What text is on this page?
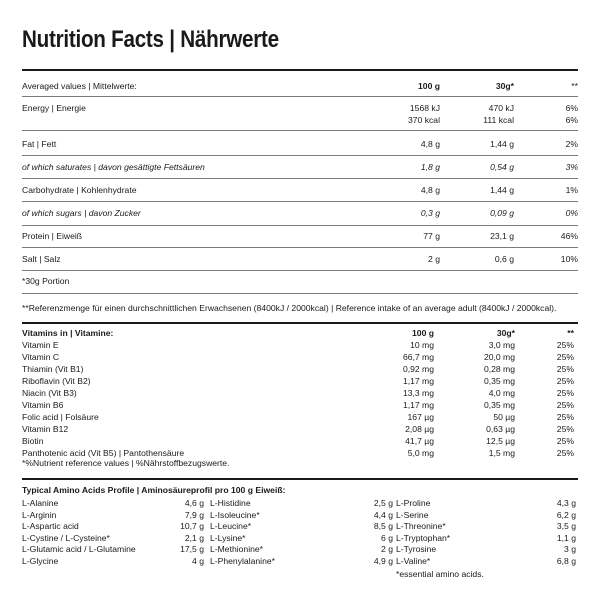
Nutrition Facts | Nährwerte
Averaged values | Mittelwerte:	100 g	30g*	**
Energy | Energie	1568 kJ	470 kJ	6%
370 kcal	111 kcal	6%
Fat | Fett	4,8 g	1,44 g	2%
of which saturates | davon gesättigte Fettsäuren	1,8 g	0,54 g	3%
Carbohydrate | Kohlenhydrate	4,8 g	1,44 g	1%
of which sugars | davon Zucker	0,3 g	0,09 g	0%
Protein | Eiweiß	77 g	23,1 g	46%
Salt | Salz	2 g	0,6 g	10%
*30g Portion
**Referenzmenge für einen durchschnittlichen Erwachsenen (8400kJ / 2000kcal) | Reference intake of an average adult (8400kJ / 2000kcal).
Vitamins in | Vitamine:	100 g	30g*	**
Vitamin E	10 mg	3,0 mg	25%
Vitamin C	66,7 mg	20,0 mg	25%
Thiamin (Vit B1)	0,92 mg	0,28 mg	25%
Riboflavin (Vit B2)	1,17 mg	0,35 mg	25%
Niacin (Vit B3)	13,3 mg	4,0 mg	25%
Vitamin B6	1,17 mg	0,35 mg	25%
Folic acid | Folsäure	167 µg	50 µg	25%
Vitamin B12	2,08 µg	0,63 µg	25%
Biotin	41,7 µg	12,5 µg	25%
Panthotenic acid (Vit B5) | Pantothensäure	5,0 mg	1,5 mg	25%
*%Nutrient reference values | %Nährstoffbezugswerte.
Typical Amino Acids Profile | Aminosäureprofil pro 100 g Eiweiß:
L-Alanine	4,6 g
L-Arginin	7,9 g
L-Aspartic acid	10,7 g
L-Cystine / L-Cysteine*	2,1 g
L-Glutamic acid / L-Glutamine	17,5 g
L-Glycine	4 g
L-Histidine	2,5 g
L-Isoleucine*	4,4 g
L-Leucine*	8,5 g
L-Lysine*	6 g
L-Methionine*	2 g
L-Phenylalanine*	4,9 g
L-Proline	4,3 g
L-Serine	6,2 g
L-Threonine*	3,5 g
L-Tryptophan*	1,1 g
L-Tyrosine	3 g
L-Valine*	6,8 g
*essential amino acids.
